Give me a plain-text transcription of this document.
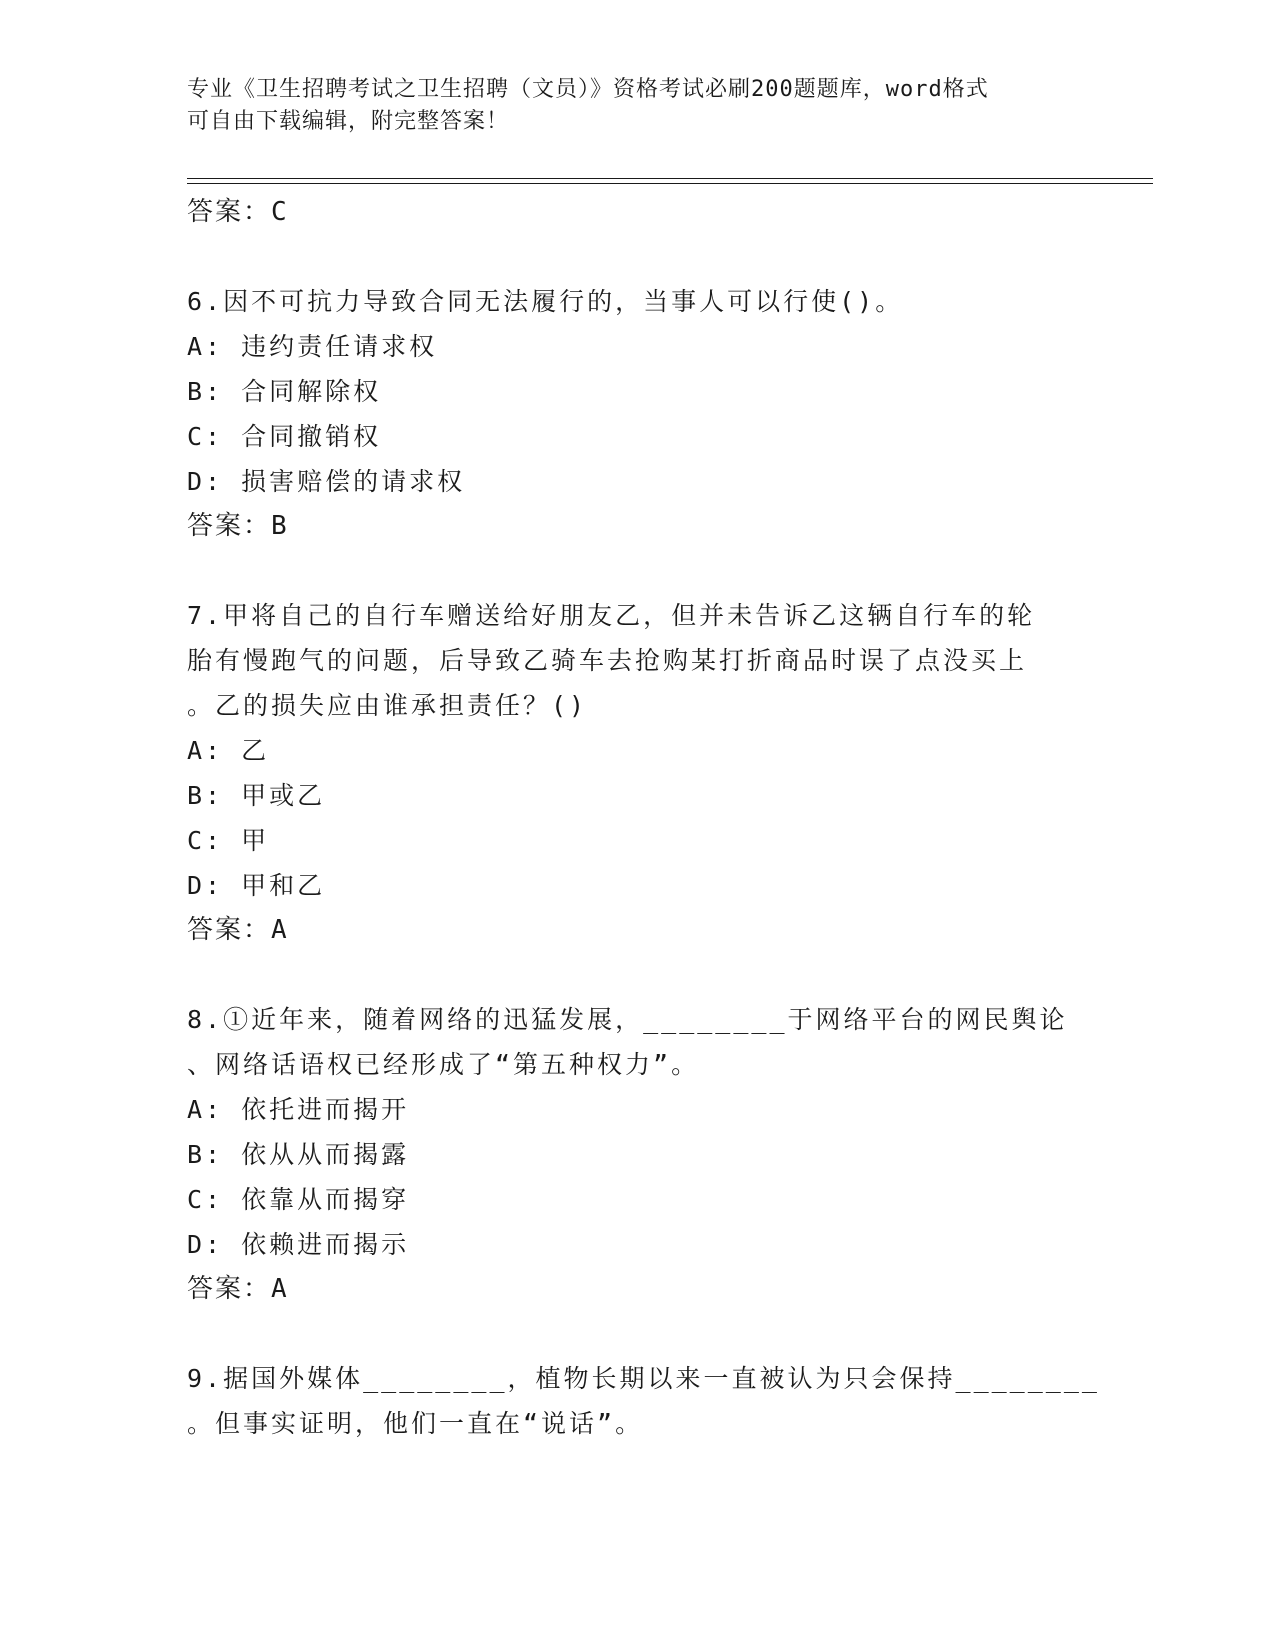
专业《卫生招聘考试之卫生招聘（文员）》资格考试必刷200题题库，word格式
可自由下载编辑，附完整答案！
答案：C
6.因不可抗力导致合同无法履行的，当事人可以行使()。
A: 违约责任请求权
B: 合同解除权
C: 合同撤销权
D: 损害赔偿的请求权
答案：B
7.甲将自己的自行车赠送给好朋友乙，但并未告诉乙这辆自行车的轮
胎有慢跑气的问题，后导致乙骑车去抢购某打折商品时误了点没买上
。乙的损失应由谁承担责任？()
A: 乙
B: 甲或乙
C: 甲
D: 甲和乙
答案：A
8.①近年来，随着网络的迅猛发展，________于网络平台的网民舆论
、网络话语权已经形成了“第五种权力”。
A: 依托进而揭开
B: 依从从而揭露
C: 依靠从而揭穿
D: 依赖进而揭示
答案：A
9.据国外媒体________，植物长期以来一直被认为只会保持________
。但事实证明，他们一直在“说话”。
